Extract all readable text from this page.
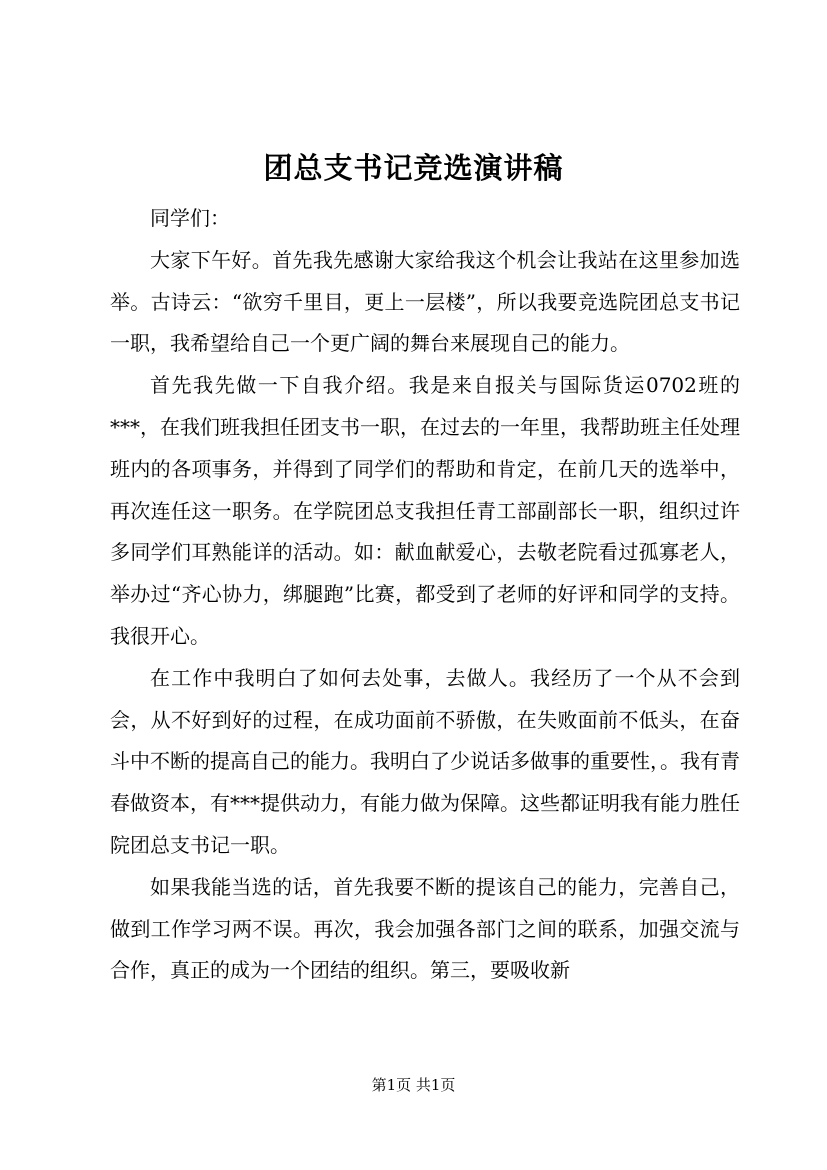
团总支书记竞选演讲稿

同学们：

大家下午好。首先我先感谢大家给我这个机会让我站在这里参加选举。古诗云：“欲穷千里目，更上一层楼”，所以我要竞选院团总支书记一职，我希望给自己一个更广阔的舞台来展现自己的能力。

首先我先做一下自我介绍。我是来自报关与国际货运0702班的***，在我们班我担任团支书一职，在过去的一年里，我帮助班主任处理班内的各项事务，并得到了同学们的帮助和肯定，在前几天的选举中，再次连任这一职务。在学院团总支我担任青工部副部长一职，组织过许多同学们耳熟能详的活动。如：献血献爱心，去敬老院看过孤寡老人，举办过“齐心协力，绑腿跑”比赛，都受到了老师的好评和同学的支持。我很开心。

在工作中我明白了如何去处事，去做人。我经历了一个从不会到会，从不好到好的过程，在成功面前不骄傲，在失败面前不低头，在奋斗中不断的提高自己的能力。我明白了少说话多做事的重要性，。我有青春做资本，有***提供动力，有能力做为保障。这些都证明我有能力胜任院团总支书记一职。

如果我能当选的话，首先我要不断的提该自己的能力，完善自己，做到工作学习两不误。再次，我会加强各部门之间的联系，加强交流与合作，真正的成为一个团结的组织。第三，要吸收新

第1页 共1页
